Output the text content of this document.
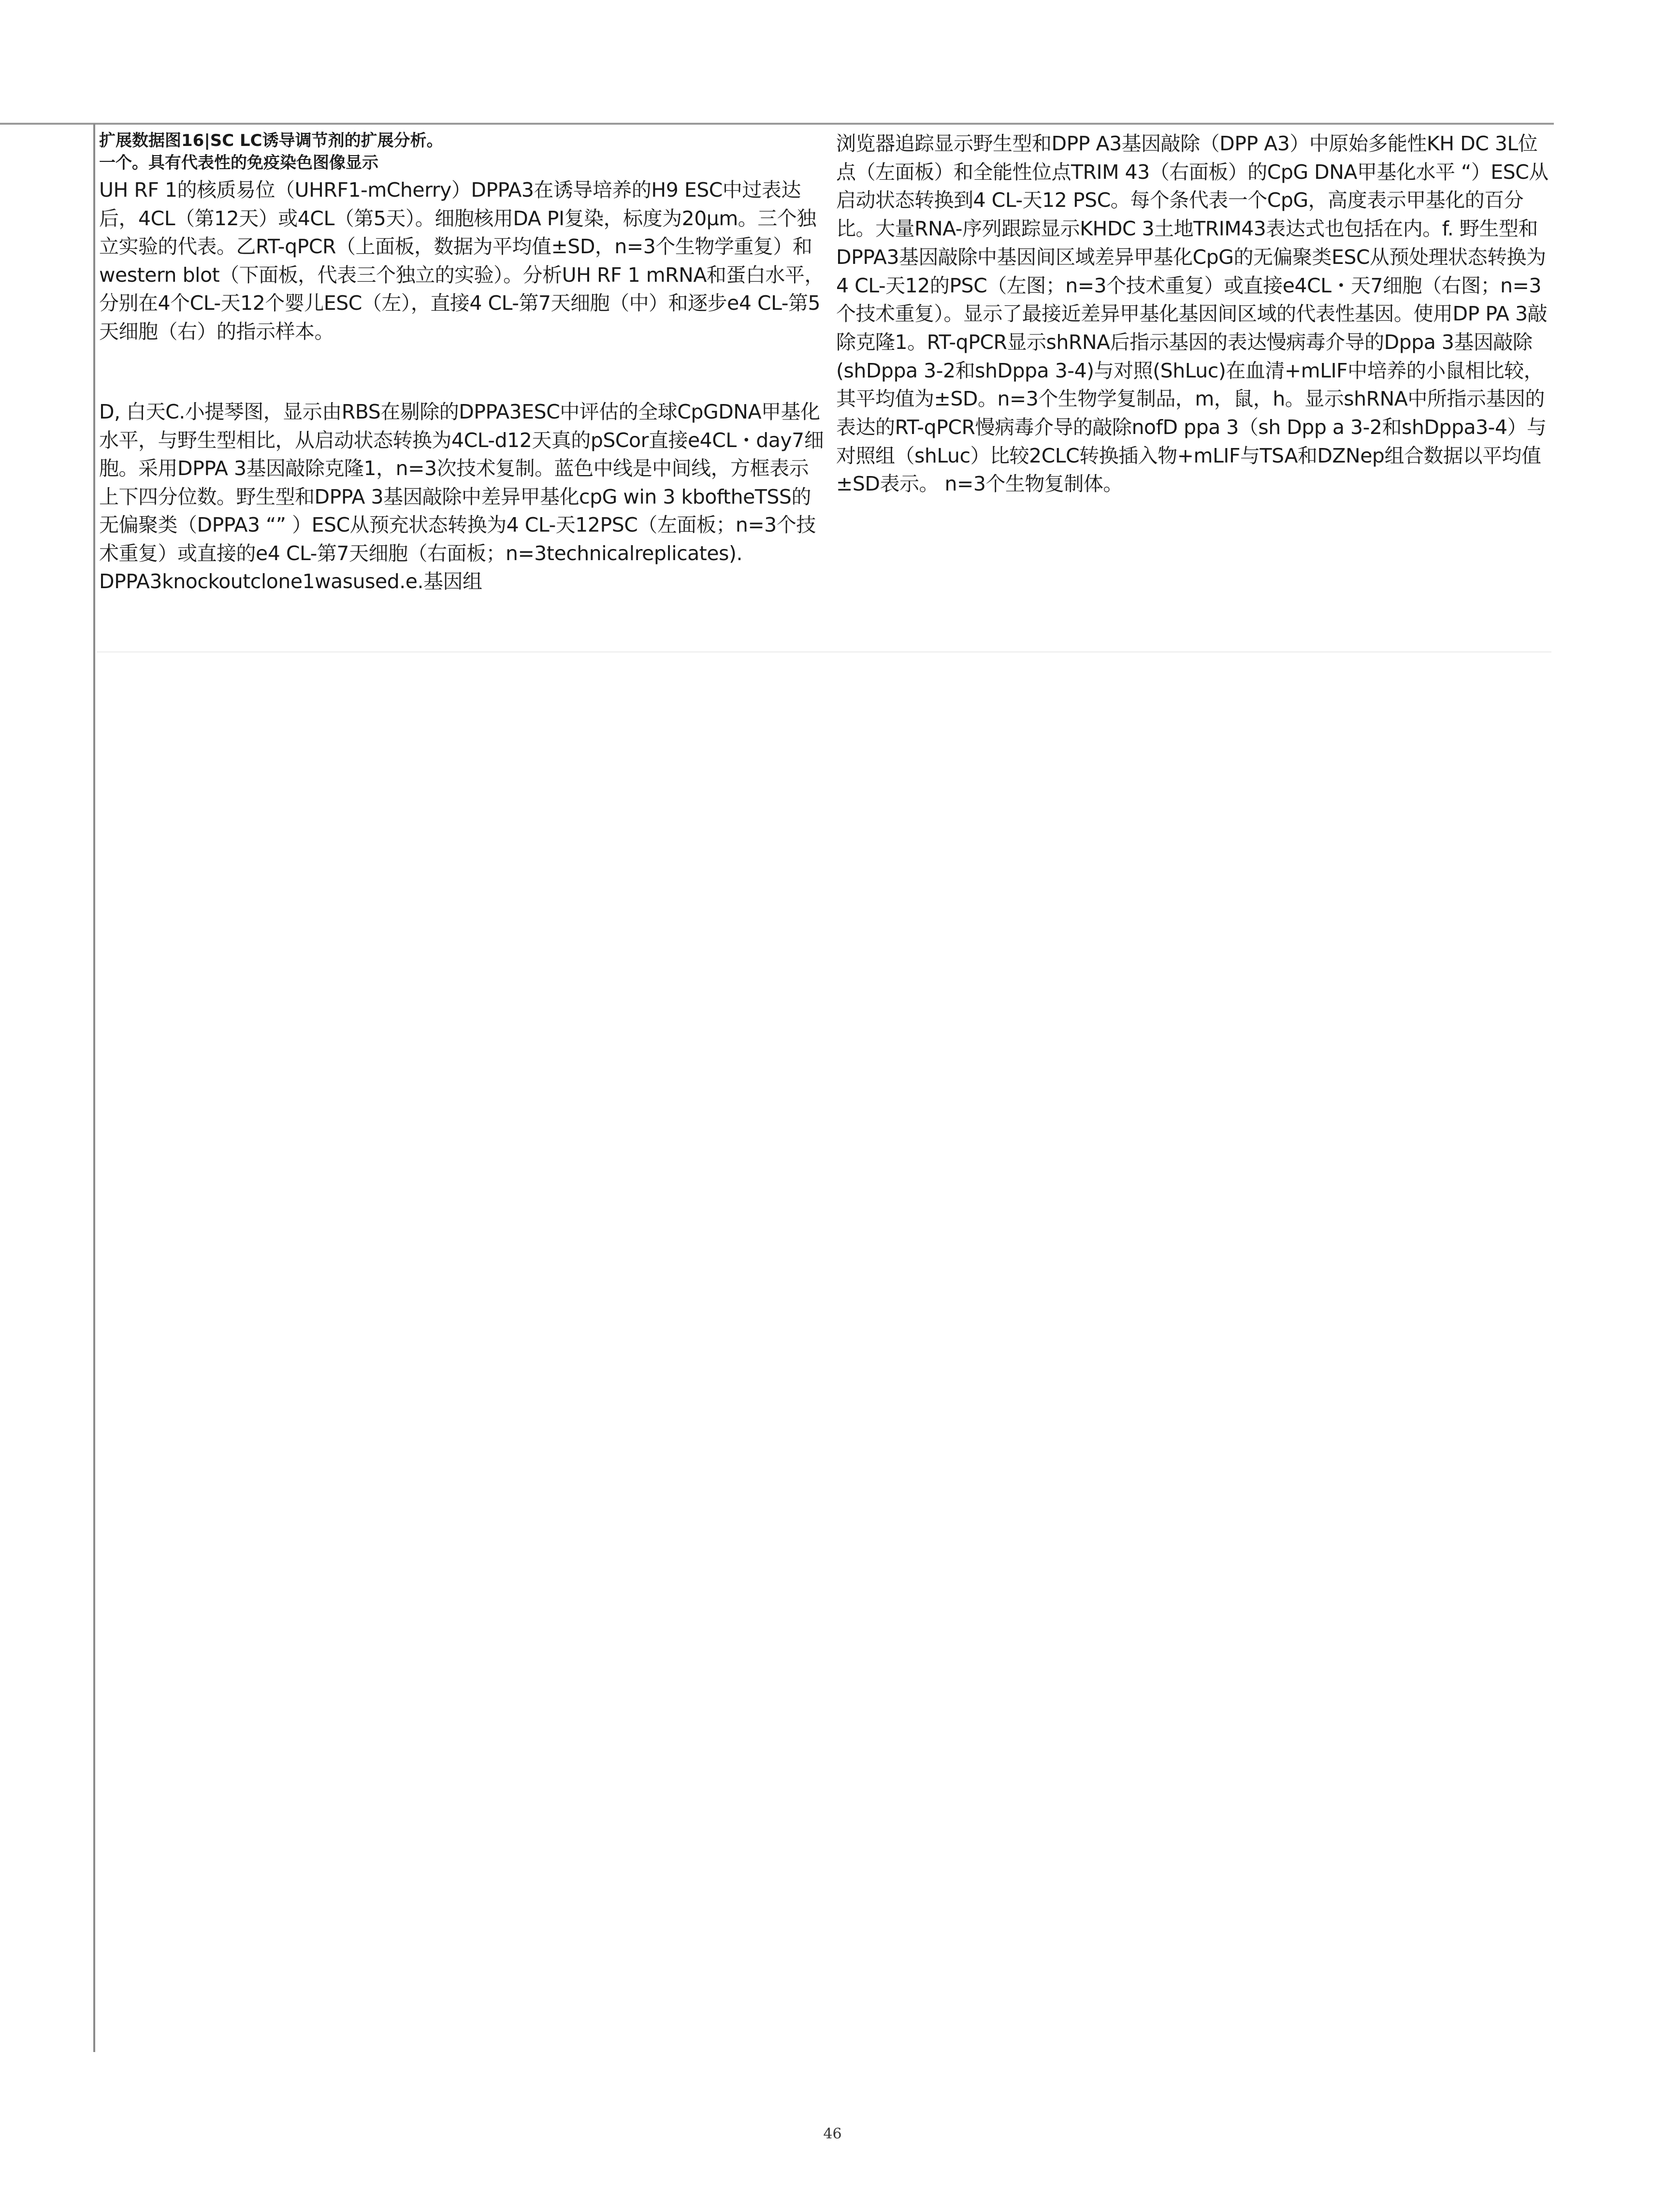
扩展数据图16|SC LC诱导调节剂的扩展分析。

一个。具有代表性的免疫染色图像显示

UH RF 1的核质易位（UHRF1-mCherry）DPPA3在诱导培养的H9 ESC中过表达后，4CL（第12天）或4CL（第5天）。细胞核用DA PI复染，标度为20μm。三个独立实验的代表。乙RT-qPCR（上面板，数据为平均值±SD，n=3个生物学重复）和western blot（下面板，代表三个独立的实验）。分析UH RF 1 mRNA和蛋白水平，分别在4个CL-天12个婴儿ESC（左），直接4 CL-第7天细胞（中）和逐步e4 CL-第5天细胞（右）的指示样本。

D, 白天C.小提琴图，显示由RBS在剔除的DPPA3ESC中评估的全球CpGDNA甲基化水平，与野生型相比，从启动状态转换为4CL-d12天真的pSCor直接e4CL・day7细胞。采用DPPA 3基因敲除克隆1，n=3次技术复制。蓝色中线是中间线，方框表示上下四分位数。野生型和DPPA 3基因敲除中差异甲基化cpG win 3 kboftheTSS的无偏聚类（DPPA3 “” ）ESC从预充状态转换为4 CL-天12PSC（左面板；n=3个技术重复）或直接的e4 CL-第7天细胞（右面板；n=3technicalreplicates). DPPA3knockoutclone1wasused.e.基因组

浏览器追踪显示野生型和DPP A3基因敲除（DPP A3）中原始多能性KH DC 3L位点（左面板）和全能性位点TRIM 43（右面板）的CpG DNA甲基化水平 “）ESC从启动状态转换到4 CL-天12 PSC。每个条代表一个CpG，高度表示甲基化的百分比。大量RNA-序列跟踪显示KHDC 3土地TRIM43表达式也包括在内。f. 野生型和DPPA3基因敲除中基因间区域差异甲基化CpG的无偏聚类ESC从预处理状态转换为4 CL-天12的PSC（左图；n=3个技术重复）或直接e4CL・天7细胞（右图；n=3个技术重复）。显示了最接近差异甲基化基因间区域的代表性基因。使用DP PA 3敲除克隆1。RT-qPCR显示shRNA后指示基因的表达慢病毒介导的Dppa 3基因敲除(shDppa 3-2和shDppa 3-4)与对照(ShLuc)在血清+mLIF中培养的小鼠相比较，其平均值为±SD。n=3个生物学复制品，m，鼠，h。显示shRNA中所指示基因的表达的RT-qPCR慢病毒介导的敲除nofD ppa 3（sh Dpp a 3-2和shDppa3-4）与对照组（shLuc）比较2CLC转换插入物+mLIF与TSA和DZNep组合数据以平均值±SD表示。 n=3个生物复制体。

46
